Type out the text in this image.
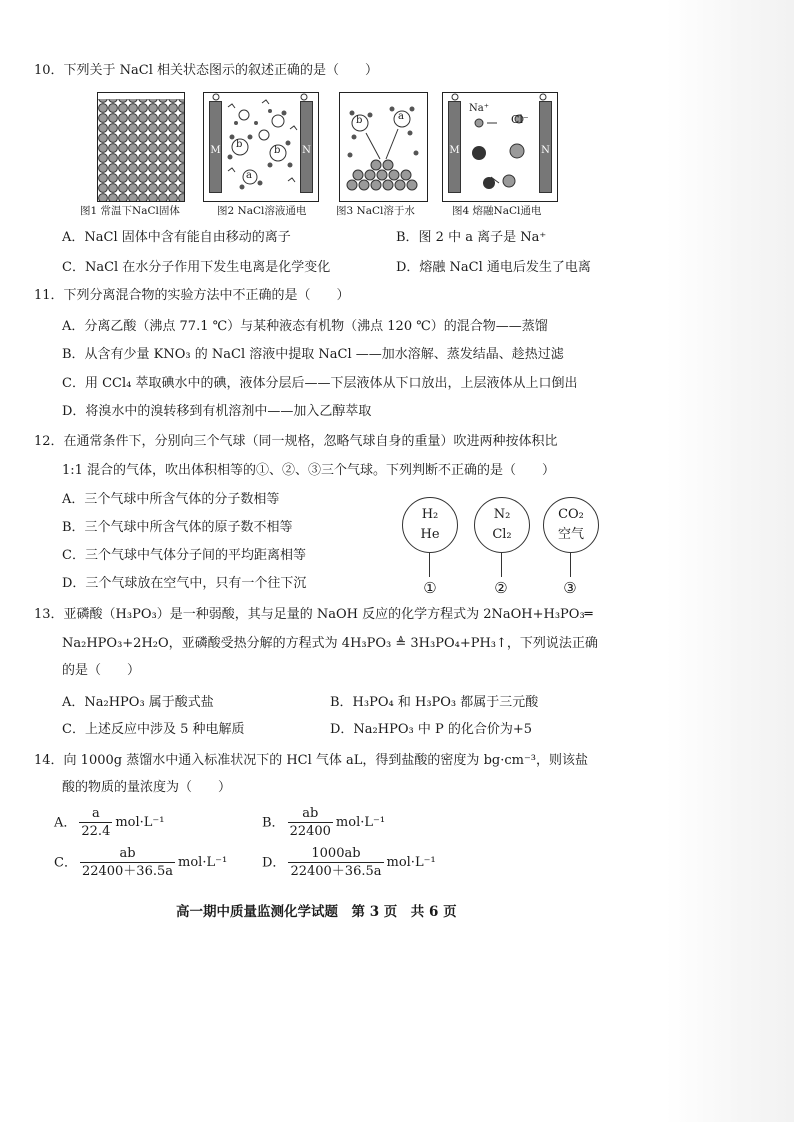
10．下列关于 NaCl 相关状态图示的叙述正确的是（　　）
M	N
b
b
a
b	a
M	N
Na⁺
Cl⁻
图1 常温下NaCl固体	图2 NaCl溶液通电	图3 NaCl溶于水	图4 熔融NaCl通电
A．NaCl 固体中含有能自由移动的离子	B．图 2 中 a 离子是 Na⁺
C．NaCl 在水分子作用下发生电离是化学变化	D．熔融 NaCl 通电后发生了电离
11．下列分离混合物的实验方法中不正确的是（　　）
A．分离乙酸（沸点 77.1 ℃）与某种液态有机物（沸点 120 ℃）的混合物——蒸馏
B．从含有少量 KNO₃ 的 NaCl 溶液中提取 NaCl ——加水溶解、蒸发结晶、趁热过滤
C．用 CCl₄ 萃取碘水中的碘，液体分层后——下层液体从下口放出，上层液体从上口倒出
D．将溴水中的溴转移到有机溶剂中——加入乙醇萃取
12．在通常条件下，分别向三个气球（同一规格，忽略气球自身的重量）吹进两种按体积比
1:1 混合的气体，吹出体积相等的①、②、③三个气球。下列判断不正确的是（　　）
A．三个气球中所含气体的分子数相等
B．三个气球中所含气体的原子数不相等
C．三个气球中气体分子间的平均距离相等
D．三个气球放在空气中，只有一个往下沉
H₂
He
N₂
Cl₂
CO₂
空气
①	②	③
13．亚磷酸（H₃PO₃）是一种弱酸，其与足量的 NaOH 反应的化学方程式为 2NaOH+H₃PO₃═
Na₂HPO₃+2H₂O，亚磷酸受热分解的方程式为 4H₃PO₃ ≜ 3H₃PO₄+PH₃↑，下列说法正确
的是（　　）
A．Na₂HPO₃ 属于酸式盐	B．H₃PO₄ 和 H₃PO₃ 都属于三元酸
C．上述反应中涉及 5 种电解质	D．Na₂HPO₃ 中 P 的化合价为+5
14．向 1000g 蒸馏水中通入标准状况下的 HCl 气体 aL，得到盐酸的密度为 bg·cm⁻³，则该盐
酸的物质的量浓度为（　　）
A． $\frac{a}{22.4} mol\cdot L^{-1}$	B． $\frac{ab}{22400} mol\cdot L^{-1}$
C． $\frac{ab}{22400+36.5a} mol\cdot L^{-1}$	D． $\frac{1000ab}{22400+36.5a} mol\cdot L^{-1}$
高一期中质量监测化学试题　第 3 页　共 6 页
